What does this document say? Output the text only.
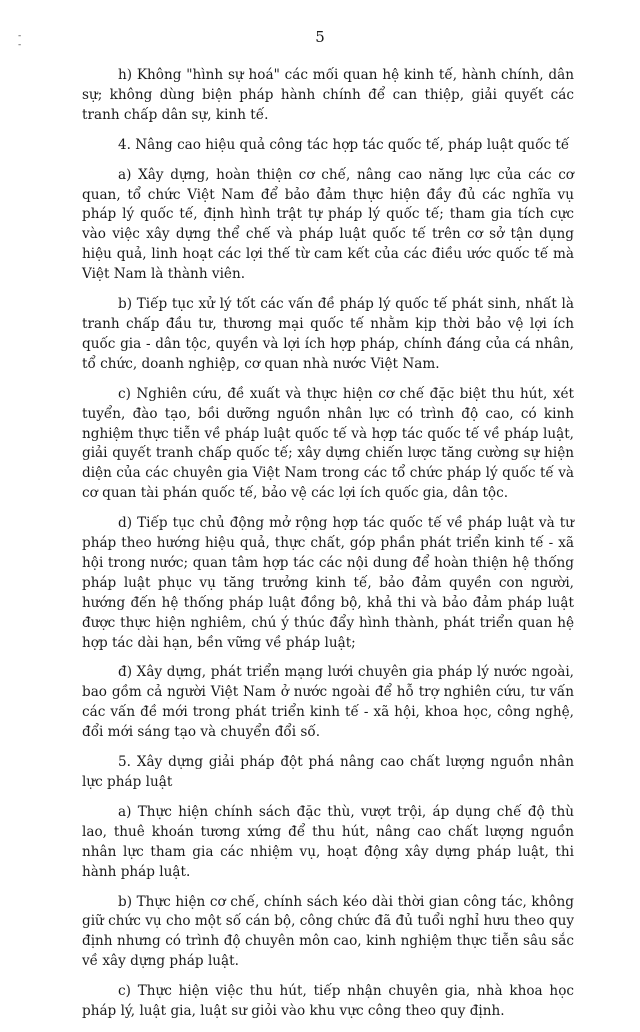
-
-	5

h) Không "hình sự hoá" các mối quan hệ kinh tế, hành chính, dân sự; không dùng biện pháp hành chính để can thiệp, giải quyết các tranh chấp dân sự, kinh tế.

4. Nâng cao hiệu quả công tác hợp tác quốc tế, pháp luật quốc tế

a) Xây dựng, hoàn thiện cơ chế, nâng cao năng lực của các cơ quan, tổ chức Việt Nam để bảo đảm thực hiện đầy đủ các nghĩa vụ pháp lý quốc tế, định hình trật tự pháp lý quốc tế; tham gia tích cực vào việc xây dựng thể chế và pháp luật quốc tế trên cơ sở tận dụng hiệu quả, linh hoạt các lợi thế từ cam kết của các điều ước quốc tế mà Việt Nam là thành viên.

b) Tiếp tục xử lý tốt các vấn đề pháp lý quốc tế phát sinh, nhất là tranh chấp đầu tư, thương mại quốc tế nhằm kịp thời bảo vệ lợi ích quốc gia - dân tộc, quyền và lợi ích hợp pháp, chính đáng của cá nhân, tổ chức, doanh nghiệp, cơ quan nhà nước Việt Nam.

c) Nghiên cứu, đề xuất và thực hiện cơ chế đặc biệt thu hút, xét tuyển, đào tạo, bồi dưỡng nguồn nhân lực có trình độ cao, có kinh nghiệm thực tiễn về pháp luật quốc tế và hợp tác quốc tế về pháp luật, giải quyết tranh chấp quốc tế; xây dựng chiến lược tăng cường sự hiện diện của các chuyên gia Việt Nam trong các tổ chức pháp lý quốc tế và cơ quan tài phán quốc tế, bảo vệ các lợi ích quốc gia, dân tộc.

d) Tiếp tục chủ động mở rộng hợp tác quốc tế về pháp luật và tư pháp theo hướng hiệu quả, thực chất, góp phần phát triển kinh tế - xã hội trong nước; quan tâm hợp tác các nội dung để hoàn thiện hệ thống pháp luật phục vụ tăng trưởng kinh tế, bảo đảm quyền con người, hướng đến hệ thống pháp luật đồng bộ, khả thi và bảo đảm pháp luật được thực hiện nghiêm, chú ý thúc đẩy hình thành, phát triển quan hệ hợp tác dài hạn, bền vững về pháp luật;

đ) Xây dựng, phát triển mạng lưới chuyên gia pháp lý nước ngoài, bao gồm cả người Việt Nam ở nước ngoài để hỗ trợ nghiên cứu, tư vấn các vấn đề mới trong phát triển kinh tế - xã hội, khoa học, công nghệ, đổi mới sáng tạo và chuyển đổi số.

5. Xây dựng giải pháp đột phá nâng cao chất lượng nguồn nhân lực pháp luật

a) Thực hiện chính sách đặc thù, vượt trội, áp dụng chế độ thù lao, thuê khoán tương xứng để thu hút, nâng cao chất lượng nguồn nhân lực tham gia các nhiệm vụ, hoạt động xây dựng pháp luật, thi hành pháp luật.

b) Thực hiện cơ chế, chính sách kéo dài thời gian công tác, không giữ chức vụ cho một số cán bộ, công chức đã đủ tuổi nghỉ hưu theo quy định nhưng có trình độ chuyên môn cao, kinh nghiệm thực tiễn sâu sắc về xây dựng pháp luật.

c) Thực hiện việc thu hút, tiếp nhận chuyên gia, nhà khoa học pháp lý, luật gia, luật sư giỏi vào khu vực công theo quy định.
